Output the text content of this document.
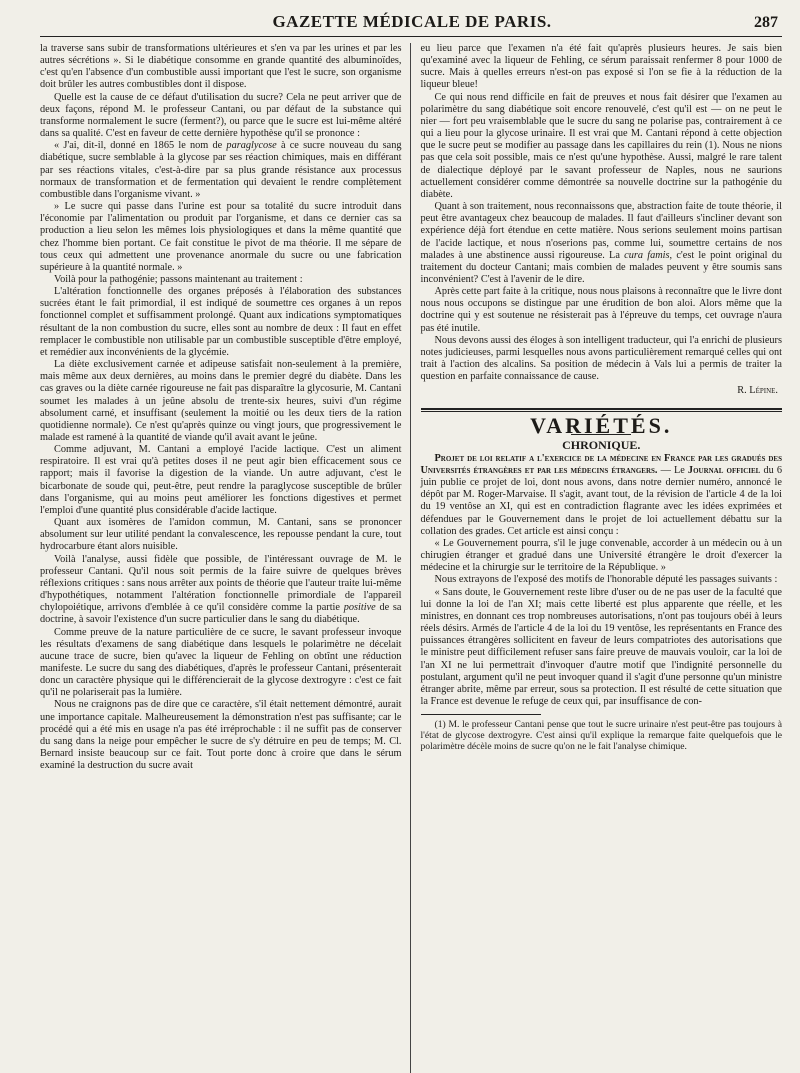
GAZETTE MÉDICALE DE PARIS.	287

la traverse sans subir de transformations ultérieures et s'en va par les urines et par les autres sécrétions ». Si le diabétique consomme en grande quantité des albuminoïdes, c'est qu'en l'absence d'un combustible aussi important que l'est le sucre, son organisme doit brûler les autres combustibles dont il dispose.

Quelle est la cause de ce défaut d'utilisation du sucre? Cela ne peut arriver que de deux façons, répond M. le professeur Cantani, ou par défaut de la substance qui transforme normalement le sucre (ferment?), ou parce que le sucre est lui-même altéré dans sa qualité. C'est en faveur de cette dernière hypothèse qu'il se prononce :

« J'ai, dit-il, donné en 1865 le nom de paraglycose à ce sucre nouveau du sang diabétique, sucre semblable à la glycose par ses réaction chimiques, mais en différant par ses réactions vitales, c'est-à-dire par sa plus grande résistance aux processus normaux de transformation et de fermentation qui devaient le rendre complètement combustible dans l'organisme vivant. »

» Le sucre qui passe dans l'urine est pour sa totalité du sucre introduit dans l'économie par l'alimentation ou produit par l'organisme, et dans ce dernier cas sa production a lieu selon les mêmes lois physiologiques et dans la même quantité que chez l'homme bien portant. Ce fait constitue le pivot de ma théorie. Il me sépare de tous ceux qui admettent une provenance anormale du sucre ou une fabrication supérieure à la quantité normale. »

Voilà pour la pathogénie; passons maintenant au traitement :

L'altération fonctionnelle des organes préposés à l'élaboration des substances sucrées étant le fait primordial, il est indiqué de soumettre ces organes à un repos fonctionnel complet et suffisamment prolongé. Quant aux indications symptomatiques résultant de la non combustion du sucre, elles sont au nombre de deux : Il faut en effet remplacer le combustible non utilisable par un combustible susceptible d'être employé, et remédier aux inconvénients de la glycémie.

La diète exclusivement carnée et adipeuse satisfait non-seulement à la première, mais même aux deux dernières, au moins dans le premier degré du diabète. Dans les cas graves ou la diète carnée rigoureuse ne fait pas disparaître la glycosurie, M. Cantani soumet les malades à un jeûne absolu de trente-six heures, suivi d'un régime absolument carné, et insuffisant (seulement la moitié ou les deux tiers de la ration quotidienne normale). Ce n'est qu'après quinze ou vingt jours, que progressivement le malade est ramené à la quantité de viande qu'il avait avant le jeûne.

Comme adjuvant, M. Cantani a employé l'acide lactique. C'est un aliment respiratoire. Il est vrai qu'à petites doses il ne peut agir bien efficacement sous ce rapport; mais il favorise la digestion de la viande. Un autre adjuvant, c'est le bicarbonate de soude qui, peut-être, peut rendre la paraglycose susceptible de brûler dans l'organisme, qui au moins peut améliorer les fonctions digestives et permet l'emploi d'une quantité plus considérable d'acide lactique.

Quant aux isomères de l'amidon commun, M. Cantani, sans se prononcer absolument sur leur utilité pendant la convalescence, les repousse pendant la cure, tout hydrocarbure étant alors nuisible.

Voilà l'analyse, aussi fidèle que possible, de l'intéressant ouvrage de M. le professeur Cantani. Qu'il nous soit permis de la faire suivre de quelques brèves réflexions critiques : sans nous arrêter aux points de théorie que l'auteur traite lui-même d'hypothétiques, notamment l'altération fonctionnelle primordiale de l'appareil chylopoiétique, arrivons d'emblée à ce qu'il considère comme la partie positive de sa doctrine, à savoir l'existence d'un sucre particulier dans le sang du diabétique.

Comme preuve de la nature particulière de ce sucre, le savant professeur invoque les résultats d'examens de sang diabétique dans lesquels le polarimètre ne décelait aucune trace de sucre, bien qu'avec la liqueur de Fehling on obtînt une réduction manifeste. Le sucre du sang des diabétiques, d'après le professeur Cantani, présenterait donc un caractère physique qui le différencierait de la glycose dextrogyre : c'est ce fait qu'il ne polariserait pas la lumière.

Nous ne craignons pas de dire que ce caractère, s'il était nettement démontré, aurait une importance capitale. Malheureusement la démonstration n'est pas suffisante; car le procédé qui a été mis en usage n'a pas été irréprochable : il ne suffit pas de conserver du sang dans la neige pour empêcher le sucre de s'y détruire en peu de temps; M. Cl. Bernard insiste beaucoup sur ce fait. Tout porte donc à croire que dans le sérum examiné la destruction du sucre avait

eu lieu parce que l'examen n'a été fait qu'après plusieurs heures. Je sais bien qu'examiné avec la liqueur de Fehling, ce sérum paraissait renfermer 8 pour 1000 de sucre. Mais à quelles erreurs n'est-on pas exposé si l'on se fie à la réduction de la liqueur bleue!

Ce qui nous rend difficile en fait de preuves et nous fait désirer que l'examen au polarimètre du sang diabétique soit encore renouvelé, c'est qu'il est — on ne peut le nier — fort peu vraisemblable que le sucre du sang ne polarise pas, contrairement à ce qui a lieu pour la glycose urinaire. Il est vrai que M. Cantani répond à cette objection que le sucre peut se modifier au passage dans les capillaires du rein (1). Nous ne nions pas que cela soit possible, mais ce n'est qu'une hypothèse. Aussi, malgré le rare talent de dialectique déployé par le savant professeur de Naples, nous ne saurions actuellement considérer comme démontrée sa nouvelle doctrine sur la pathogénie du diabète.

Quant à son traitement, nous reconnaissons que, abstraction faite de toute théorie, il peut être avantageux chez beaucoup de malades. Il faut d'ailleurs s'incliner devant son expérience déjà fort étendue en cette matière. Nous serions seulement moins partisan de l'acide lactique, et nous n'oserions pas, comme lui, soumettre certains de nos malades à une abstinence aussi rigoureuse. La cura famis, c'est le point original du traitement du docteur Cantani; mais combien de malades peuvent y être soumis sans inconvénient? C'est à l'avenir de le dire.

Après cette part faite à la critique, nous nous plaisons à reconnaître que le livre dont nous nous occupons se distingue par une érudition de bon aloi. Alors même que la doctrine qui y est soutenue ne résisterait pas à l'épreuve du temps, cet ouvrage n'aura pas été inutile.

Nous devons aussi des éloges à son intelligent traducteur, qui l'a enrichi de plusieurs notes judicieuses, parmi lesquelles nous avons particulièrement remarqué celles qui ont trait à l'action des alcalins. Sa position de médecin à Vals lui a permis de traiter la question en parfaite connaissance de cause.

R. Lépine.
VARIÉTÉS.
CHRONIQUE.

Projet de loi relatif a l'exercice de la médecine en France par les gradués des Universités étrangères et par les médecins étrangers. — Le Journal officiel du 6 juin publie ce projet de loi, dont nous avons, dans notre dernier numéro, annoncé le dépôt par M. Roger-Marvaise. Il s'agit, avant tout, de la révision de l'article 4 de la loi du 19 ventôse an XI, qui est en contradiction flagrante avec les idées exprimées et défendues par le Gouvernement dans le projet de loi actuellement débattu sur la collation des grades. Cet article est ainsi conçu :

« Le Gouvernement pourra, s'il le juge convenable, accorder à un médecin ou à un chirugien étranger et gradué dans une Université étrangère le droit d'exercer la médecine et la chirurgie sur le territoire de la République. »

Nous extrayons de l'exposé des motifs de l'honorable député les passages suivants :

« Sans doute, le Gouvernement reste libre d'user ou de ne pas user de la faculté que lui donne la loi de l'an XI; mais cette liberté est plus apparente que réelle, et les ministres, en donnant ces trop nombreuses autorisations, n'ont pas toujours obéi à leurs réels désirs. Armés de l'article 4 de la loi du 19 ventôse, les représentants en France des puissances étrangères sollicitent en faveur de leurs compatriotes des autorisations que le ministre peut difficilement refuser sans faire preuve de mauvais vouloir, car la loi de l'an XI ne lui permettrait d'invoquer d'autre motif que l'indignité personnelle du postulant, argument qu'il ne peut invoquer quand il s'agit d'une personne qu'un ministre étranger abrite, même par erreur, sous sa protection. Il est résulté de cette situation que la France est devenue le refuge de ceux qui, par insuffisance de con-

(1) M. le professeur Cantani pense que tout le sucre urinaire n'est peut-être pas toujours à l'état de glycose dextrogyre. C'est ainsi qu'il explique la remarque faite quelquefois que le polarimètre décèle moins de sucre qu'on ne le fait l'analyse chimique.
